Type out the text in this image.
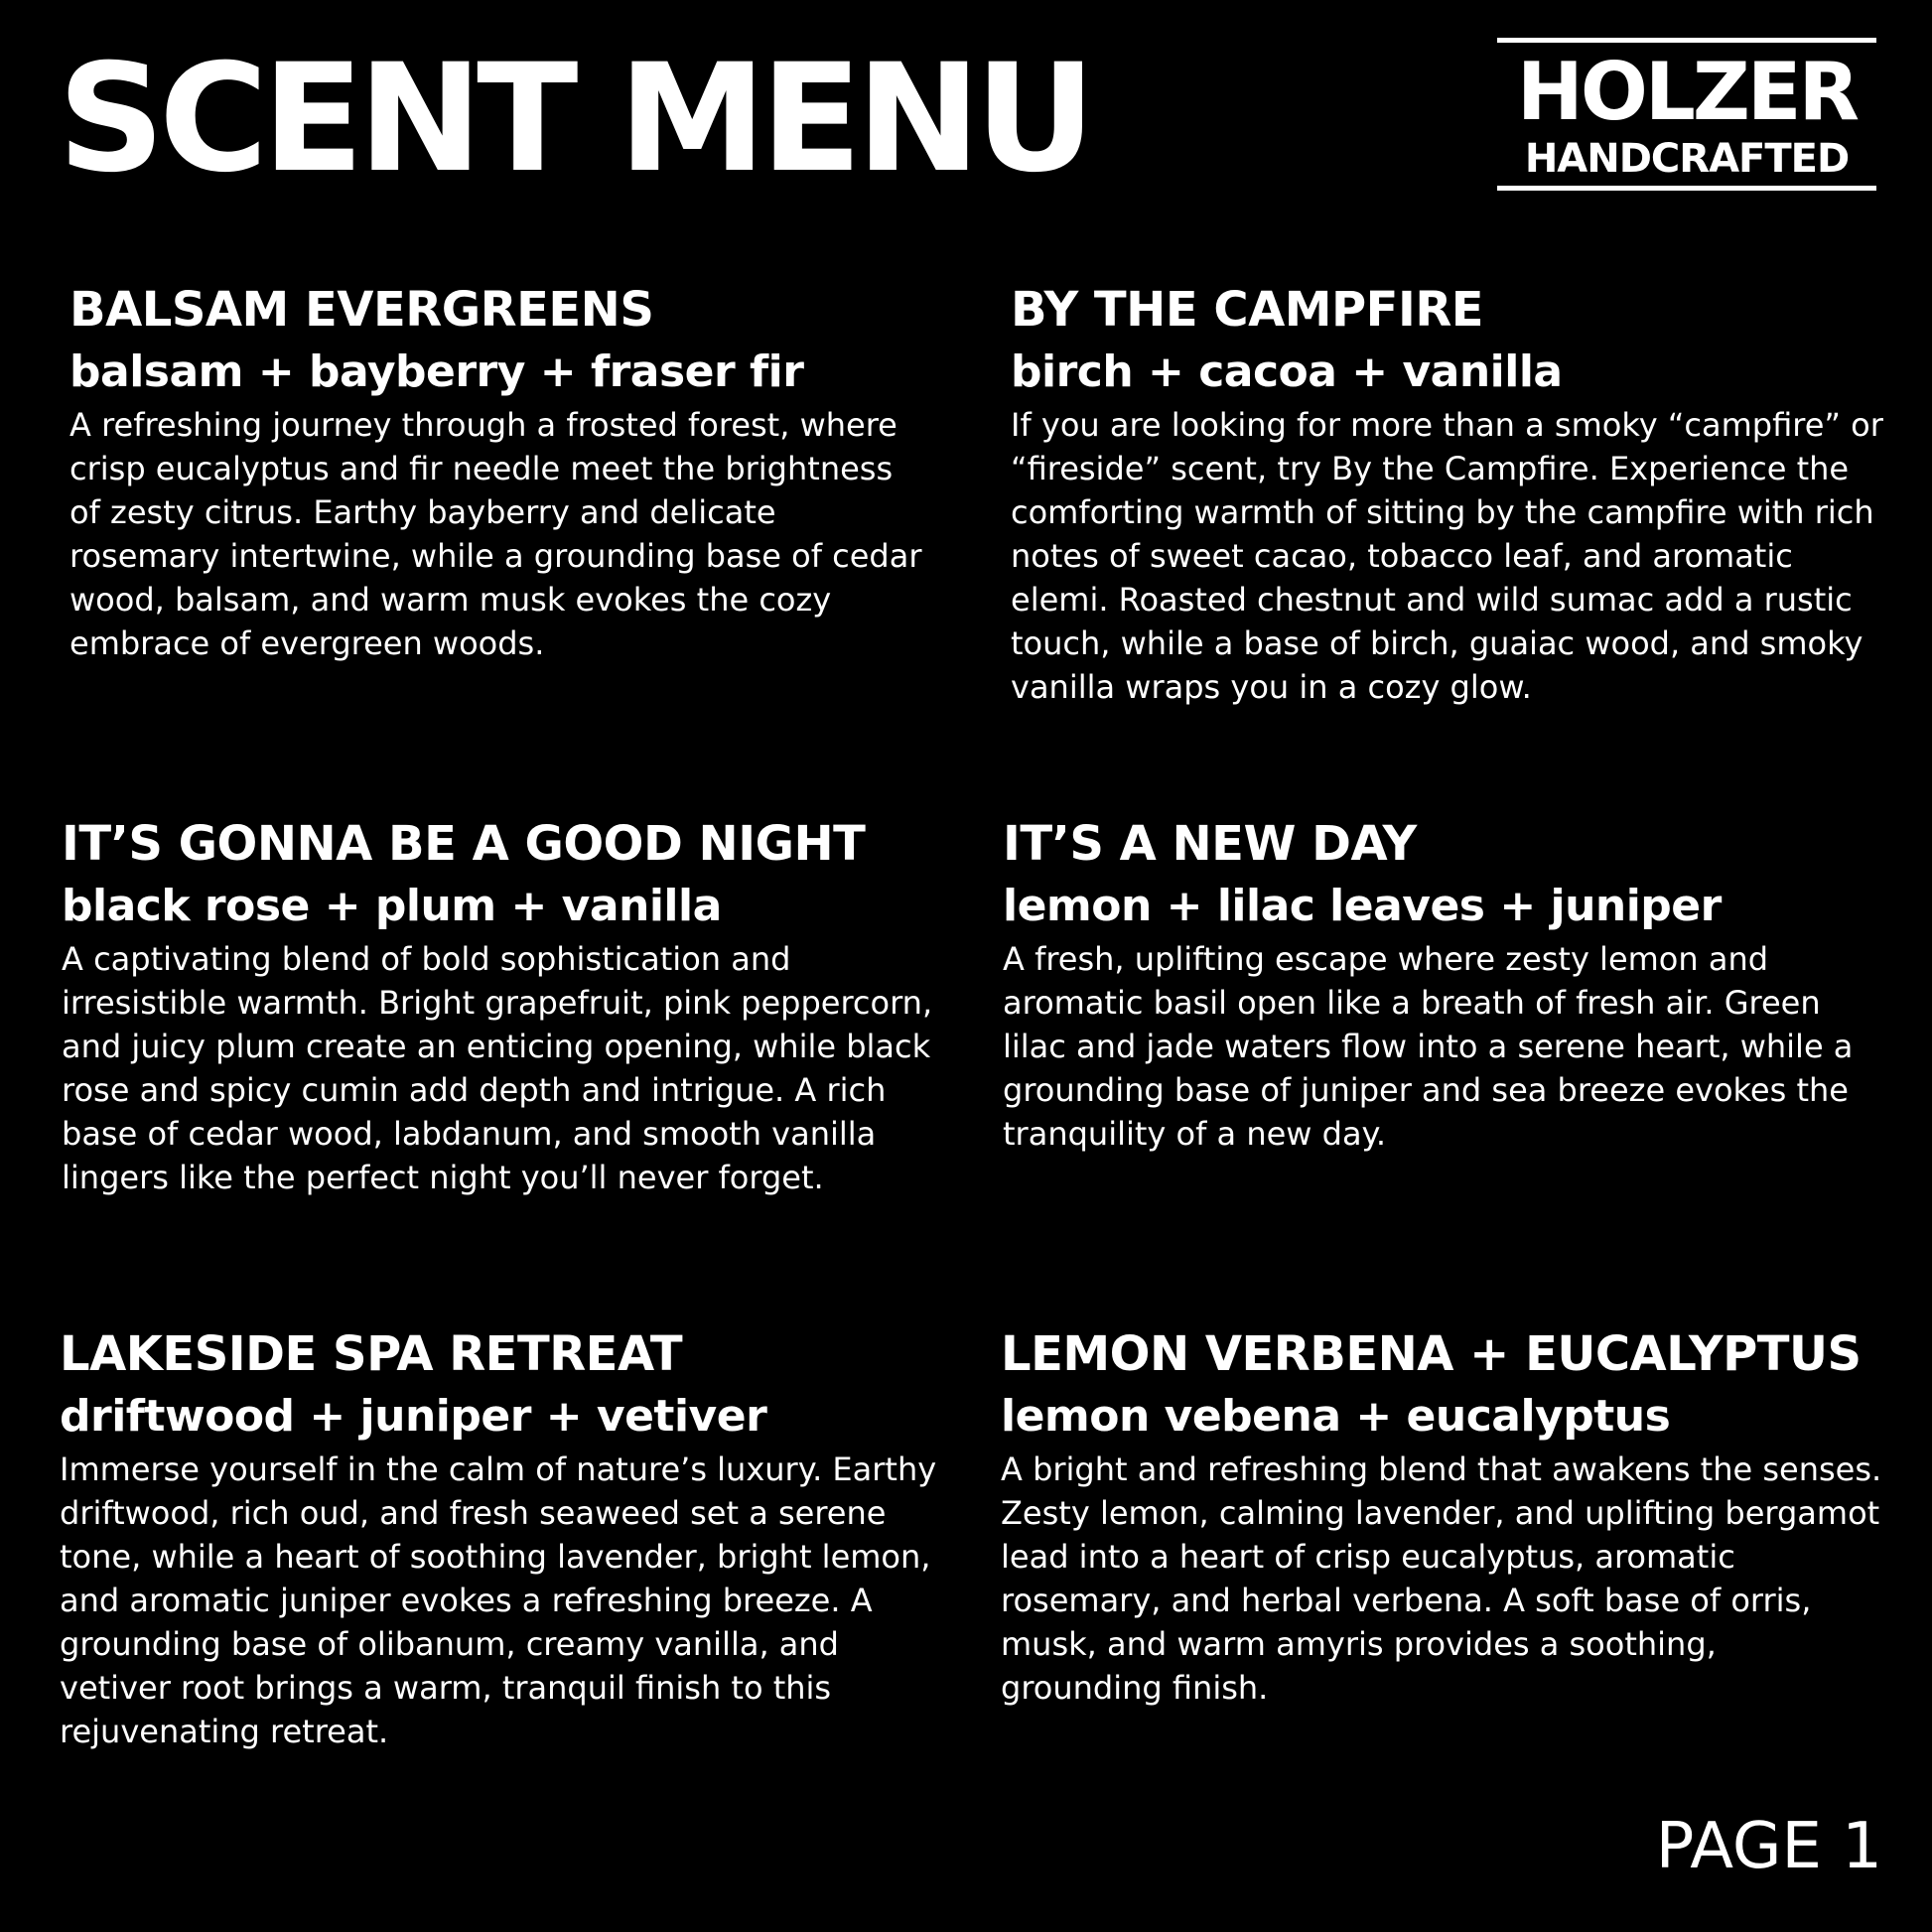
SCENT MENU	HOLZER
HANDCRAFTED
BALSAM EVERGREENS

balsam + bayberry + fraser fir

A refreshing journey through a frosted forest, where crisp eucalyptus and fir needle meet the brightness of zesty citrus. Earthy bayberry and delicate rosemary intertwine, while a grounding base of cedar wood, balsam, and warm musk evokes the cozy embrace of evergreen woods.

BY THE CAMPFIRE

birch + cacoa + vanilla

If you are looking for more than a smoky “campfire” or “fireside” scent, try By the Campfire. Experience the comforting warmth of sitting by the campfire with rich notes of sweet cacao, tobacco leaf, and aromatic elemi. Roasted chestnut and wild sumac add a rustic touch, while a base of birch, guaiac wood, and smoky vanilla wraps you in a cozy glow.

IT’S GONNA BE A GOOD NIGHT

black rose + plum + vanilla

A captivating blend of bold sophistication and irresistible warmth. Bright grapefruit, pink peppercorn, and juicy plum create an enticing opening, while black rose and spicy cumin add depth and intrigue. A rich base of cedar wood, labdanum, and smooth vanilla lingers like the perfect night you’ll never forget.

IT’S A NEW DAY

lemon + lilac leaves + juniper

A fresh, uplifting escape where zesty lemon and aromatic basil open like a breath of fresh air. Green lilac and jade waters flow into a serene heart, while a grounding base of juniper and sea breeze evokes the tranquility of a new day.

LAKESIDE SPA RETREAT

driftwood + juniper + vetiver

Immerse yourself in the calm of nature’s luxury. Earthy driftwood, rich oud, and fresh seaweed set a serene tone, while a heart of soothing lavender, bright lemon, and aromatic juniper evokes a refreshing breeze. A grounding base of olibanum, creamy vanilla, and vetiver root brings a warm, tranquil finish to this rejuvenating retreat.

LEMON VERBENA + EUCALYPTUS

lemon vebena + eucalyptus

A bright and refreshing blend that awakens the senses. Zesty lemon, calming lavender, and uplifting bergamot lead into a heart of crisp eucalyptus, aromatic rosemary, and herbal verbena. A soft base of orris, musk, and warm amyris provides a soothing, grounding finish.

PAGE 1
